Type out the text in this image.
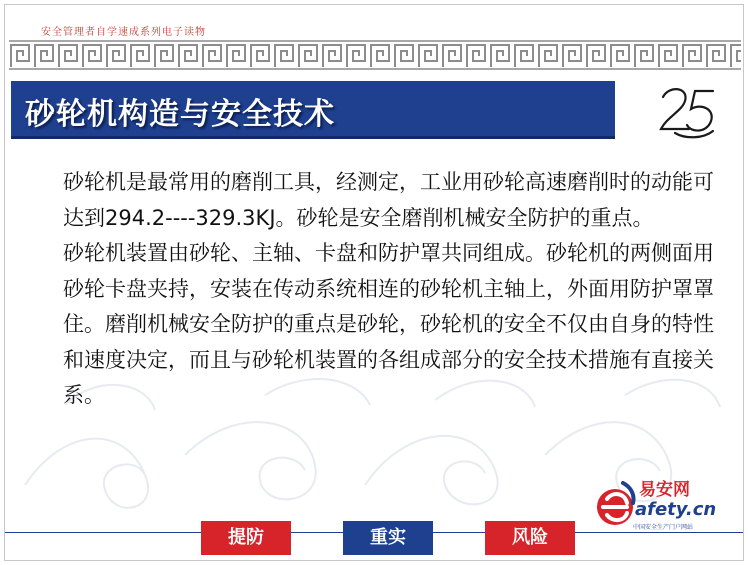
安全管理者自学速成系列电子读物
砂轮机构造与安全技术

砂轮机是最常用的磨削工具，经测定，工业用砂轮高速磨削时的动能可达到294.2----329.3KJ。砂轮是安全磨削机械安全防护的重点。

砂轮机装置由砂轮、主轴、卡盘和防护罩共同组成。砂轮机的两侧面用砂轮卡盘夹持，安装在传动系统相连的砂轮机主轴上，外面用防护罩罩住。磨削机械安全防护的重点是砂轮，砂轮机的安全不仅由自身的特性和速度决定，而且与砂轮机装置的各组成部分的安全技术措施有直接关系。

提防	重实	风险
易安网
afety.cn
中国安全生产门户网站
